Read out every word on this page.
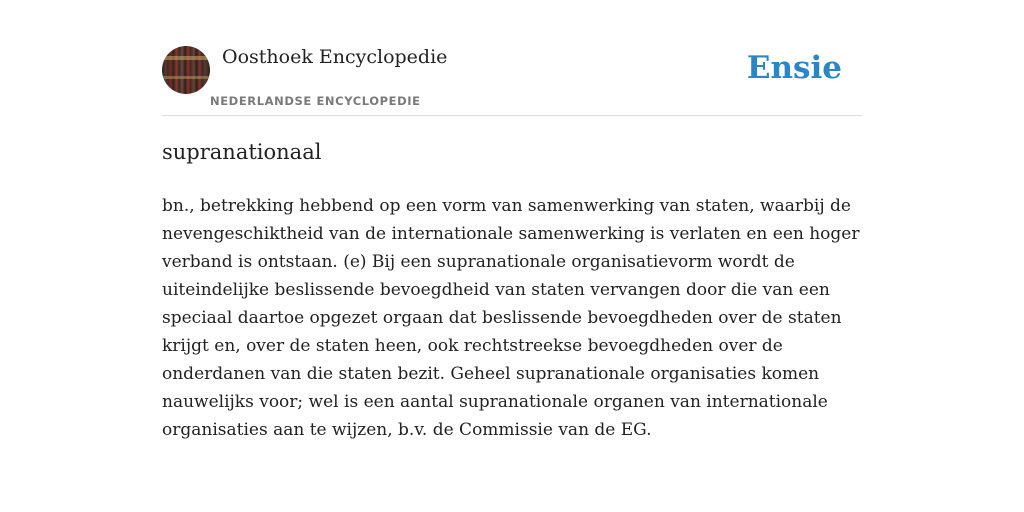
Oosthoek Encyclopedie
NEDERLANDSE ENCYCLOPEDIE
Ensie
supranationaal
bn., betrekking hebbend op een vorm van samenwerking van staten, waarbij de
nevengeschiktheid van de internationale samenwerking is verlaten en een hoger
verband is ontstaan. (e) Bij een supranationale organisatievorm wordt de
uiteindelijke beslissende bevoegdheid van staten vervangen door die van een
speciaal daartoe opgezet orgaan dat beslissende bevoegdheden over de staten
krijgt en, over de staten heen, ook rechtstreekse bevoegdheden over de
onderdanen van die staten bezit. Geheel supranationale organisaties komen
nauwelijks voor; wel is een aantal supranationale organen van internationale
organisaties aan te wijzen, b.v. de Commissie van de EG.
